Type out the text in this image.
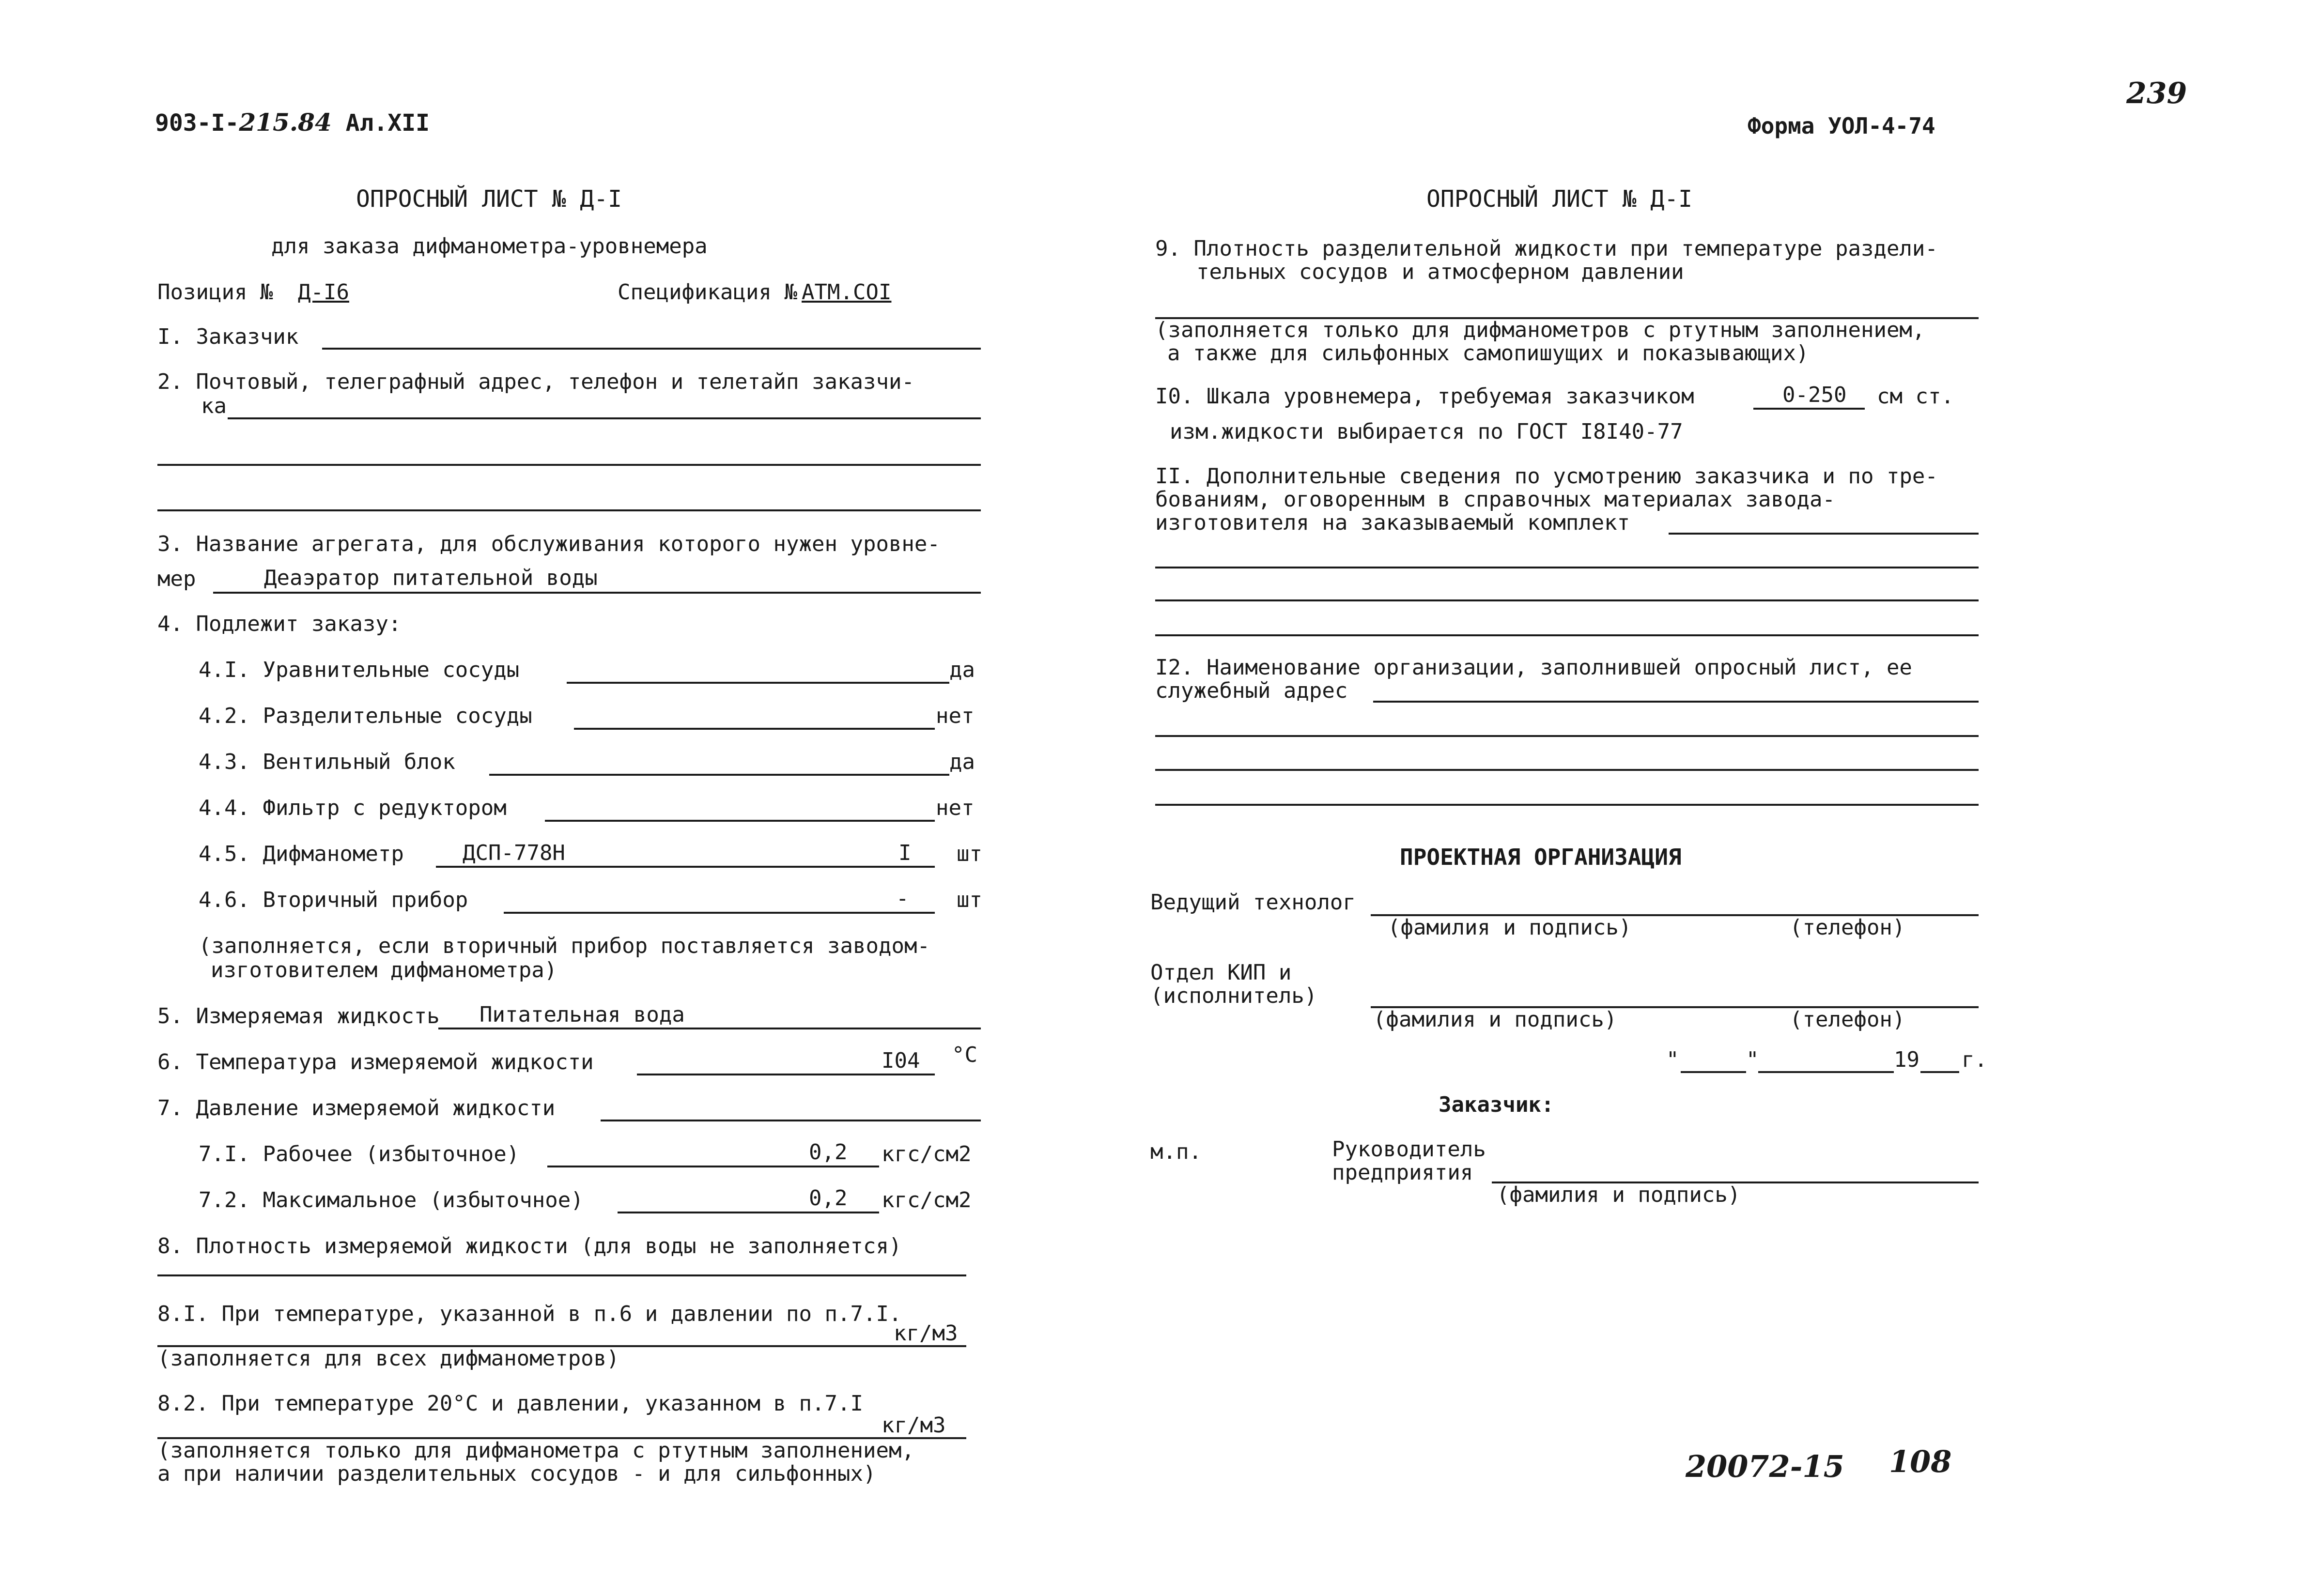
903-I-215.84 Ал.XII	Форма УОЛ-4-74
239
ОПРОСНЫЙ ЛИСТ № Д-I
для заказа дифманометра-уровнемера
Позиция № Д-I6	Спецификация № АТМ.СОI
I. Заказчик
2. Почтовый, телеграфный адрес, телефон и телетайп заказчи-
ка
3. Название агрегата, для обслуживания которого нужен уровне-
мер	Деаэратор питательной воды
4. Подлежит заказу:
4.I. Уравнительные сосуды	да
4.2. Разделительные сосуды	нет
4.3. Вентильный блок	да
4.4. Фильтр с редуктором	нет
4.5. Дифманометр	ДСП-778Н	I шт
4.6. Вторичный прибор	- шт
(заполняется, если вторичный прибор поставляется заводом-
изготовителем дифманометра)
5. Измеряемая жидкость Питательная вода
6. Температура измеряемой жидкости	I04 °С
7. Давление измеряемой жидкости
7.I. Рабочее (избыточное)	0,2 кгс/см2
7.2. Максимальное (избыточное)	0,2 кгс/см2
8. Плотность измеряемой жидкости (для воды не заполняется)
8.I. При температуре, указанной в п.6 и давлении по п.7.I.
кг/м3
(заполняется для всех дифманометров)
8.2. При температуре 20°С и давлении, указанном в п.7.I
кг/м3
(заполняется только для дифманометра с ртутным заполнением,
а при наличии разделительных сосудов - и для сильфонных)
ОПРОСНЫЙ ЛИСТ № Д-I
9. Плотность разделительной жидкости при температуре раздели-
тельных сосудов и атмосферном давлении
(заполняется только для дифманометров с ртутным заполнением,
а также для сильфонных самопишущих и показывающих)
I0. Шкала уровнемера, требуемая заказчиком	0-250 см ст.
изм.жидкости выбирается по ГОСТ I8I40-77
II. Дополнительные сведения по усмотрению заказчика и по тре-
бованиям, оговоренным в справочных материалах завода-
изготовителя на заказываемый комплект
I2. Наименование организации, заполнившей опросный лист, ее
служебный адрес
ПРОЕКТНАЯ ОРГАНИЗАЦИЯ
Ведущий технолог
(фамилия и подпись)	(телефон)
Отдел КИП и
(исполнитель)
(фамилия и подпись)	(телефон)
"	"	19 г.
Заказчик:
м.п.	Руководитель
предприятия
(фамилия и подпись)
20072-15 108
